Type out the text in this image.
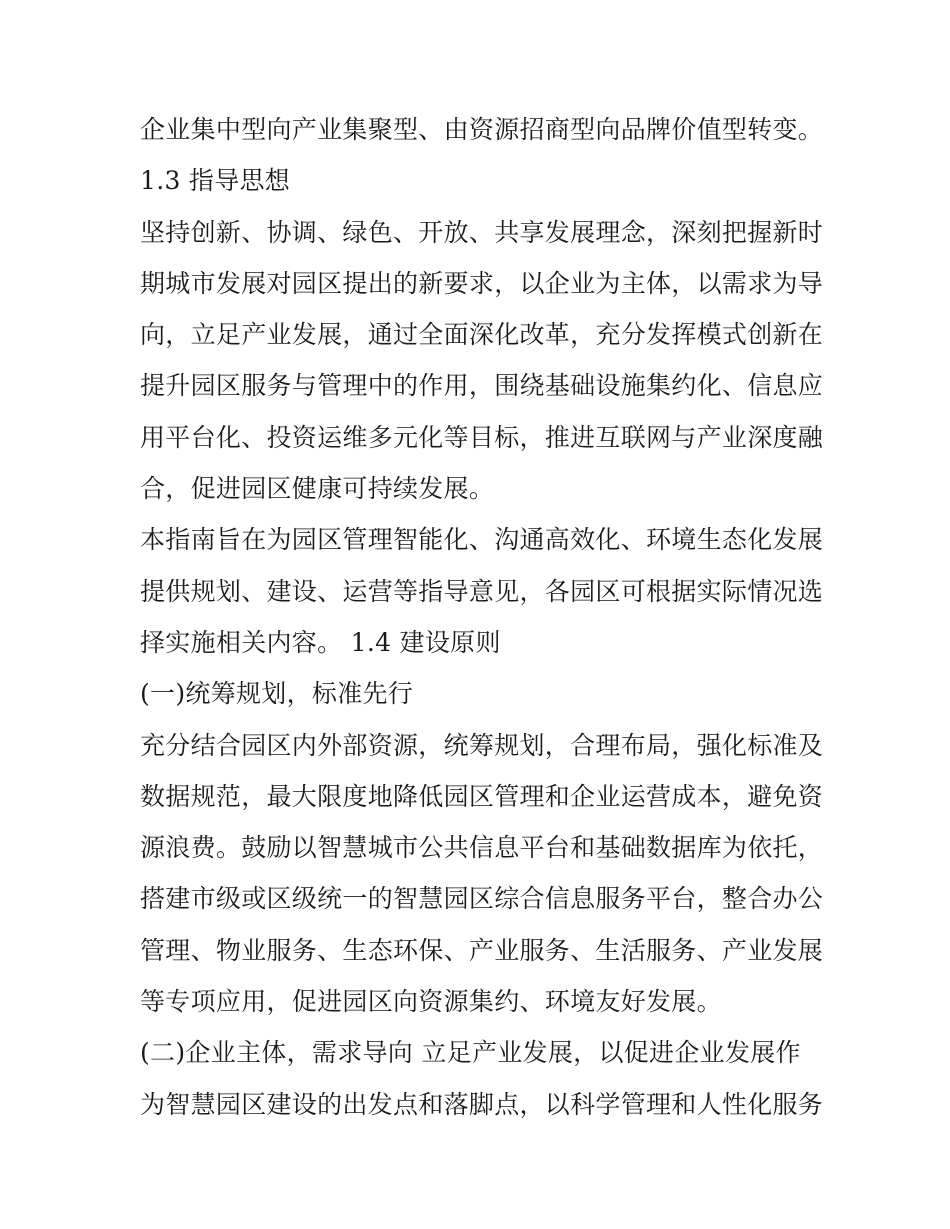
企业集中型向产业集聚型、由资源招商型向品牌价值型转变。
1.3 指导思想
坚持创新、协调、绿色、开放、共享发展理念，深刻把握新时
期城市发展对园区提出的新要求，以企业为主体，以需求为导
向，立足产业发展，通过全面深化改革，充分发挥模式创新在
提升园区服务与管理中的作用，围绕基础设施集约化、信息应
用平台化、投资运维多元化等目标，推进互联网与产业深度融
合，促进园区健康可持续发展。
本指南旨在为园区管理智能化、沟通高效化、环境生态化发展
提供规划、建设、运营等指导意见，各园区可根据实际情况选
择实施相关内容。 1.4 建设原则
(一)统筹规划，标准先行
充分结合园区内外部资源，统筹规划，合理布局，强化标准及
数据规范，最大限度地降低园区管理和企业运营成本，避免资
源浪费。鼓励以智慧城市公共信息平台和基础数据库为依托，
搭建市级或区级统一的智慧园区综合信息服务平台，整合办公
管理、物业服务、生态环保、产业服务、生活服务、产业发展
等专项应用，促进园区向资源集约、环境友好发展。
(二)企业主体，需求导向 立足产业发展，以促进企业发展作
为智慧园区建设的出发点和落脚点，以科学管理和人性化服务
